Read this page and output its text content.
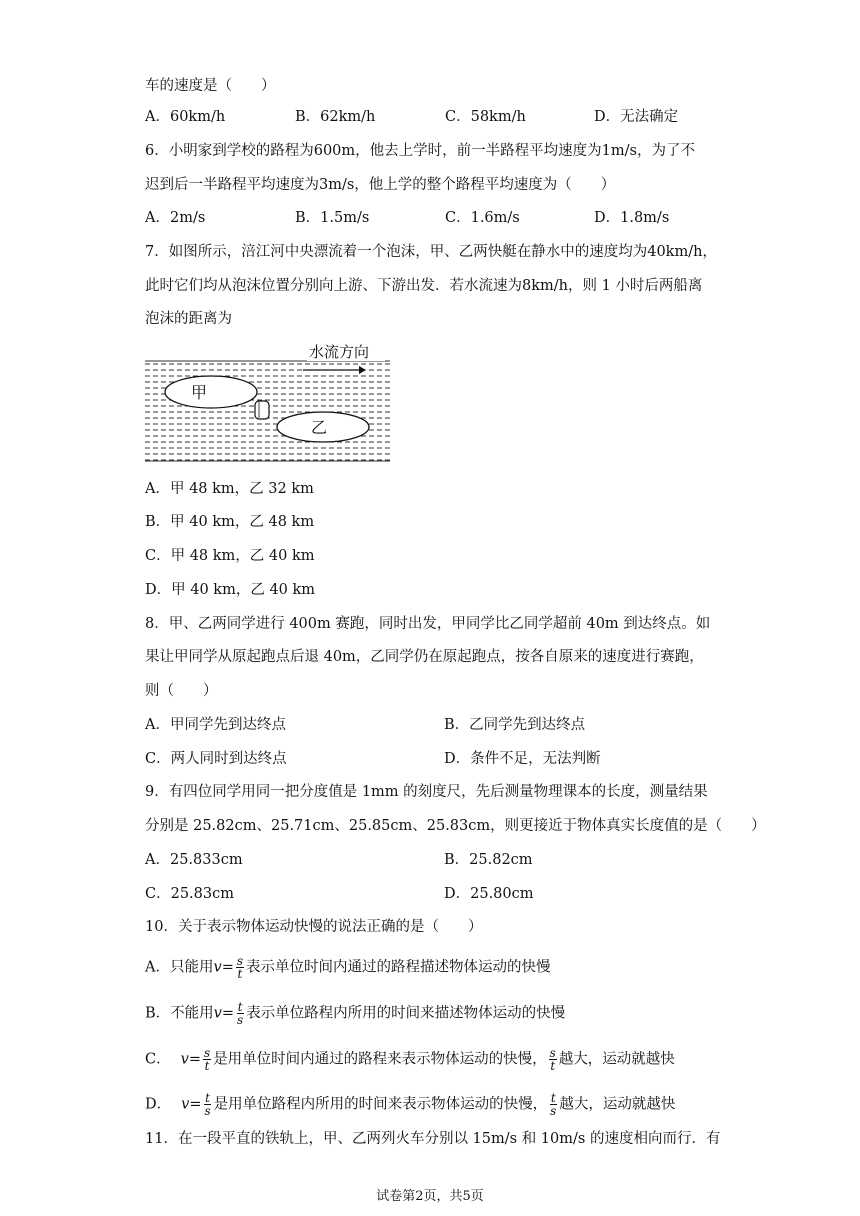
车的速度是（　　）
A．60km/h	B．62km/h	C．58km/h	D．无法确定
6．小明家到学校的路程为600m，他去上学时，前一半路程平均速度为1m/s，为了不
迟到后一半路程平均速度为3m/s，他上学的整个路程平均速度为（　　）
A．2m/s	B．1.5m/s	C．1.6m/s	D．1.8m/s
7．如图所示，涪江河中央漂流着一个泡沫，甲、乙两快艇在静水中的速度均为40km/h，
此时它们均从泡沫位置分别向上游、下游出发．若水流速为8km/h，则 1 小时后两船离
泡沫的距离为
水流方向
甲
乙
A．甲 48 km，乙 32 km
B．甲 40 km，乙 48 km
C．甲 48 km，乙 40 km
D．甲 40 km，乙 40 km
8．甲、乙两同学进行 400m 赛跑，同时出发，甲同学比乙同学超前 40m 到达终点。如
果让甲同学从原起跑点后退 40m，乙同学仍在原起跑点，按各自原来的速度进行赛跑，
则（　　）
A．甲同学先到达终点	B．乙同学先到达终点
C．两人同时到达终点	D．条件不足，无法判断
9．有四位同学用同一把分度值是 1mm 的刻度尺，先后测量物理课本的长度，测量结果
分别是 25.82cm、25.71cm、25.85cm、25.83cm，则更接近于物体真实长度值的是（　　）
A．25.833cm	B．25.82cm
C．25.83cm	D．25.80cm
10．关于表示物体运动快慢的说法正确的是（　　）
A．只能用$v= \frac{s}{t}$ 表示单位时间内通过的路程描述物体运动的快慢
B．不能用$v= \frac{t}{s}$ 表示单位路程内所用的时间来描述物体运动的快慢
C． $v= \frac{s}{t}$ 是用单位时间内通过的路程来表示物体运动的快慢， $\frac{s}{t}$ 越大，运动就越快
D． $v= \frac{t}{s}$ 是用单位路程内所用的时间来表示物体运动的快慢， $\frac{t}{s}$ 越大，运动就越快
11．在一段平直的铁轨上，甲、乙两列火车分别以 15m/s 和 10m/s 的速度相向而行．有
试卷第2页，共5页
